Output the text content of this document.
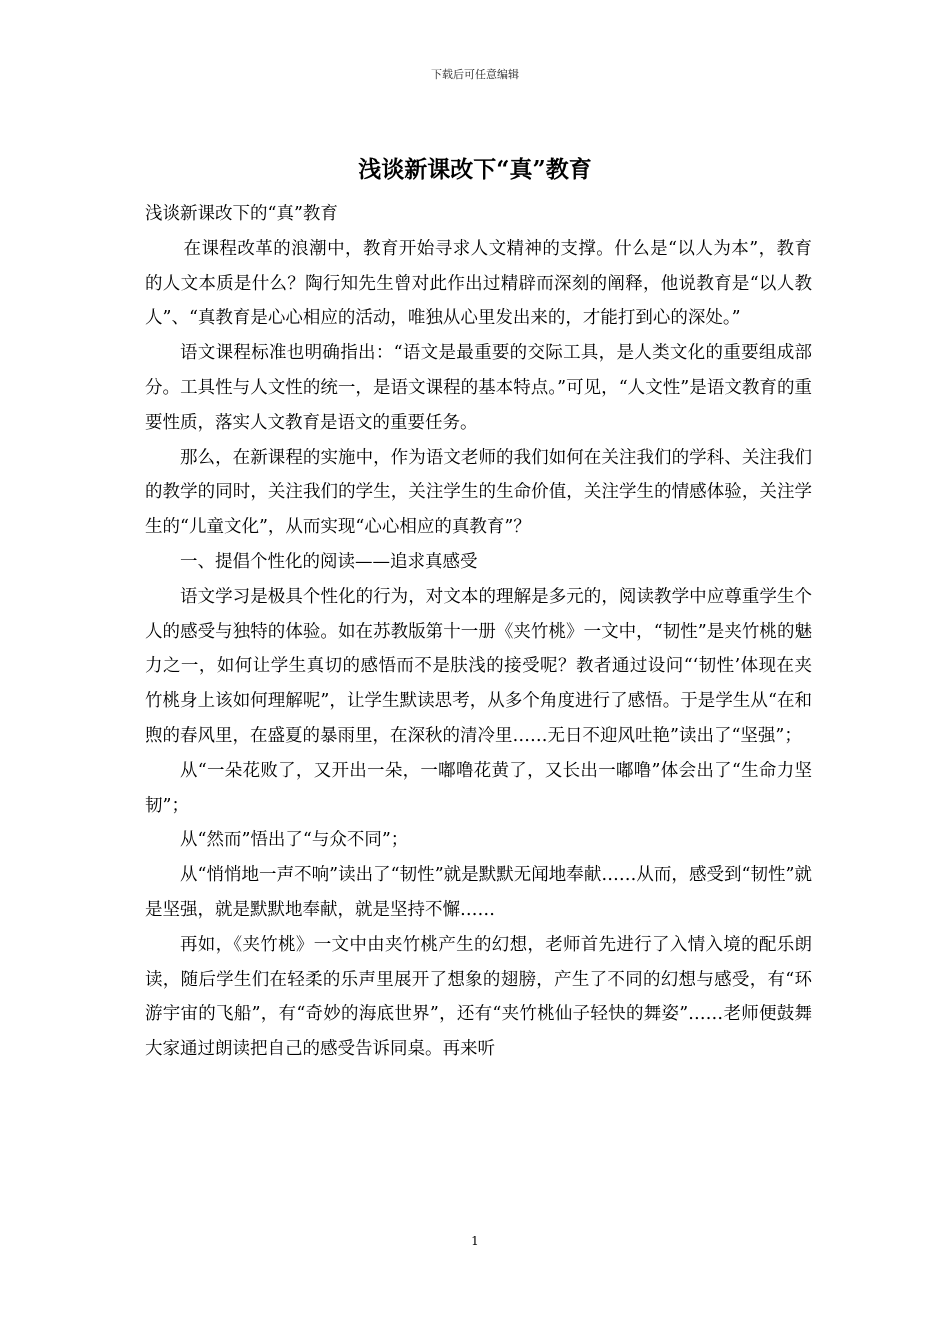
下载后可任意编辑
浅谈新课改下“真”教育

浅谈新课改下的“真”教育

在课程改革的浪潮中，教育开始寻求人文精神的支撑。什么是“以人为本”，教育的人文本质是什么？陶行知先生曾对此作出过精辟而深刻的阐释，他说教育是“以人教人”、“真教育是心心相应的活动，唯独从心里发出来的，才能打到心的深处。”

语文课程标准也明确指出：“语文是最重要的交际工具，是人类文化的重要组成部分。工具性与人文性的统一，是语文课程的基本特点。”可见，“人文性”是语文教育的重要性质，落实人文教育是语文的重要任务。

那么，在新课程的实施中，作为语文老师的我们如何在关注我们的学科、关注我们的教学的同时，关注我们的学生，关注学生的生命价值，关注学生的情感体验，关注学生的“儿童文化”，从而实现“心心相应的真教育”？

一、提倡个性化的阅读——追求真感受

语文学习是极具个性化的行为，对文本的理解是多元的，阅读教学中应尊重学生个人的感受与独特的体验。如在苏教版第十一册《夹竹桃》一文中，“韧性”是夹竹桃的魅力之一，如何让学生真切的感悟而不是肤浅的接受呢？教者通过设问“‘韧性’体现在夹竹桃身上该如何理解呢”，让学生默读思考，从多个角度进行了感悟。于是学生从“在和煦的春风里，在盛夏的暴雨里，在深秋的清冷里……无日不迎风吐艳”读出了“坚强”；

从“一朵花败了，又开出一朵，一嘟噜花黄了，又长出一嘟噜”体会出了“生命力坚韧”；

从“然而”悟出了“与众不同”；

从“悄悄地一声不响”读出了“韧性”就是默默无闻地奉献……从而，感受到“韧性”就是坚强，就是默默地奉献，就是坚持不懈……

再如，《夹竹桃》一文中由夹竹桃产生的幻想，老师首先进行了入情入境的配乐朗读，随后学生们在轻柔的乐声里展开了想象的翅膀，产生了不同的幻想与感受，有“环游宇宙的飞船”，有“奇妙的海底世界”，还有“夹竹桃仙子轻快的舞姿”……老师便鼓舞大家通过朗读把自己的感受告诉同桌。再来听

1
